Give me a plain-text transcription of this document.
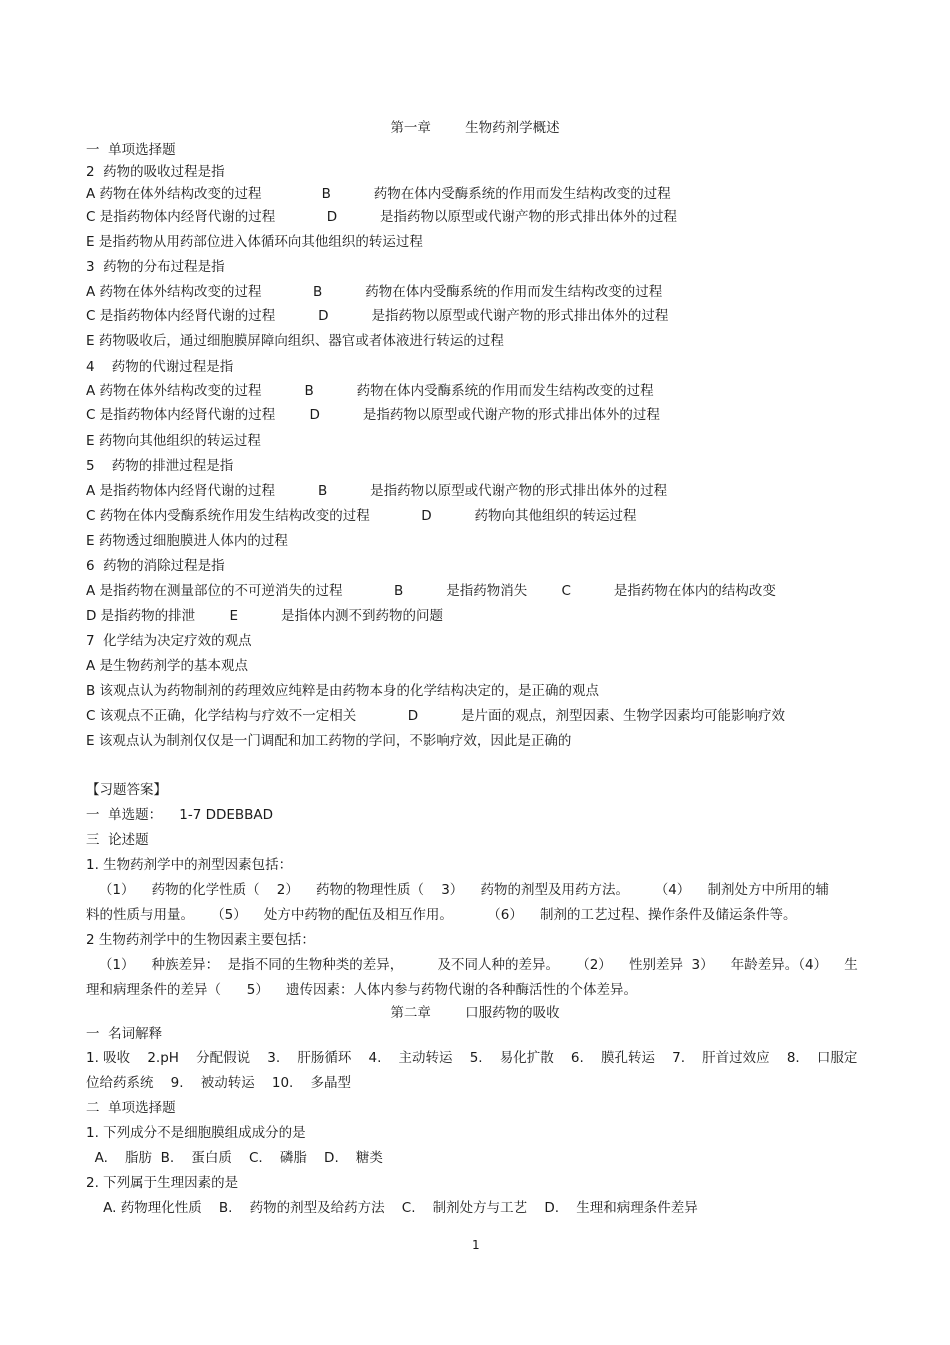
第一章        生物药剂学概述
一  单项选择题
2  药物的吸收过程是指
A 药物在体外结构改变的过程              B          药物在体内受酶系统的作用而发生结构改变的过程
C 是指药物体内经肾代谢的过程            D          是指药物以原型或代谢产物的形式排出体外的过程
E 是指药物从用药部位进入体循环向其他组织的转运过程
3  药物的分布过程是指
A 药物在体外结构改变的过程            B          药物在体内受酶系统的作用而发生结构改变的过程
C 是指药物体内经肾代谢的过程          D          是指药物以原型或代谢产物的形式排出体外的过程
E 药物吸收后，通过细胞膜屏障向组织、器官或者体液进行转运的过程
4    药物的代谢过程是指
A 药物在体外结构改变的过程          B          药物在体内受酶系统的作用而发生结构改变的过程
C 是指药物体内经肾代谢的过程        D          是指药物以原型或代谢产物的形式排出体外的过程
E 药物向其他组织的转运过程
5    药物的排泄过程是指
A 是指药物体内经肾代谢的过程          B          是指药物以原型或代谢产物的形式排出体外的过程
C 药物在体内受酶系统作用发生结构改变的过程            D          药物向其他组织的转运过程
E 药物透过细胞膜进人体内的过程
6  药物的消除过程是指
A 是指药物在测量部位的不可逆消失的过程            B          是指药物消失        C          是指药物在体内的结构改变
D 是指药物的排泄        E          是指体内测不到药物的问题
7  化学结为决定疗效的观点
A 是生物药剂学的基本观点
B 该观点认为药物制剂的药理效应纯粹是由药物本身的化学结构决定的，是正确的观点
C 该观点不正确，化学结构与疗效不一定相关            D          是片面的观点，剂型因素、生物学因素均可能影响疗效
E 该观点认为制剂仅仅是一门调配和加工药物的学问，不影响疗效，因此是正确的
【习题答案】
一  单选题：    1-7 DDEBBAD
三  论述题
1. 生物药剂学中的剂型因素包括：
（1）    药物的化学性质（    2）    药物的物理性质（    3）    药物的剂型及用药方法。      （4）    制剂处方中所用的辅
料的性质与用量。    （5）    处方中药物的配伍及相互作用。        （6）    制剂的工艺过程、操作条件及储运条件等。
2 生物药剂学中的生物因素主要包括：
（1）    种族差异：  是指不同的生物种类的差异，        及不同人种的差异。    （2）    性别差异  3）    年龄差异。（4）    生
理和病理条件的差异（      5）    遗传因素：人体内参与药物代谢的各种酶活性的个体差异。
第二章        口服药物的吸收
一  名词解释
1. 吸收    2.pH    分配假说    3.    肝肠循环    4.    主动转运    5.    易化扩散    6.    膜孔转运    7.    肝首过效应    8.    口服定
位给药系统    9.    被动转运    10.    多晶型
二  单项选择题
1. 下列成分不是细胞膜组成成分的是
A.    脂肪  B.    蛋白质    C.    磷脂    D.    糖类
2. 下列属于生理因素的是
A. 药物理化性质    B.    药物的剂型及给药方法    C.    制剂处方与工艺    D.    生理和病理条件差异
1
